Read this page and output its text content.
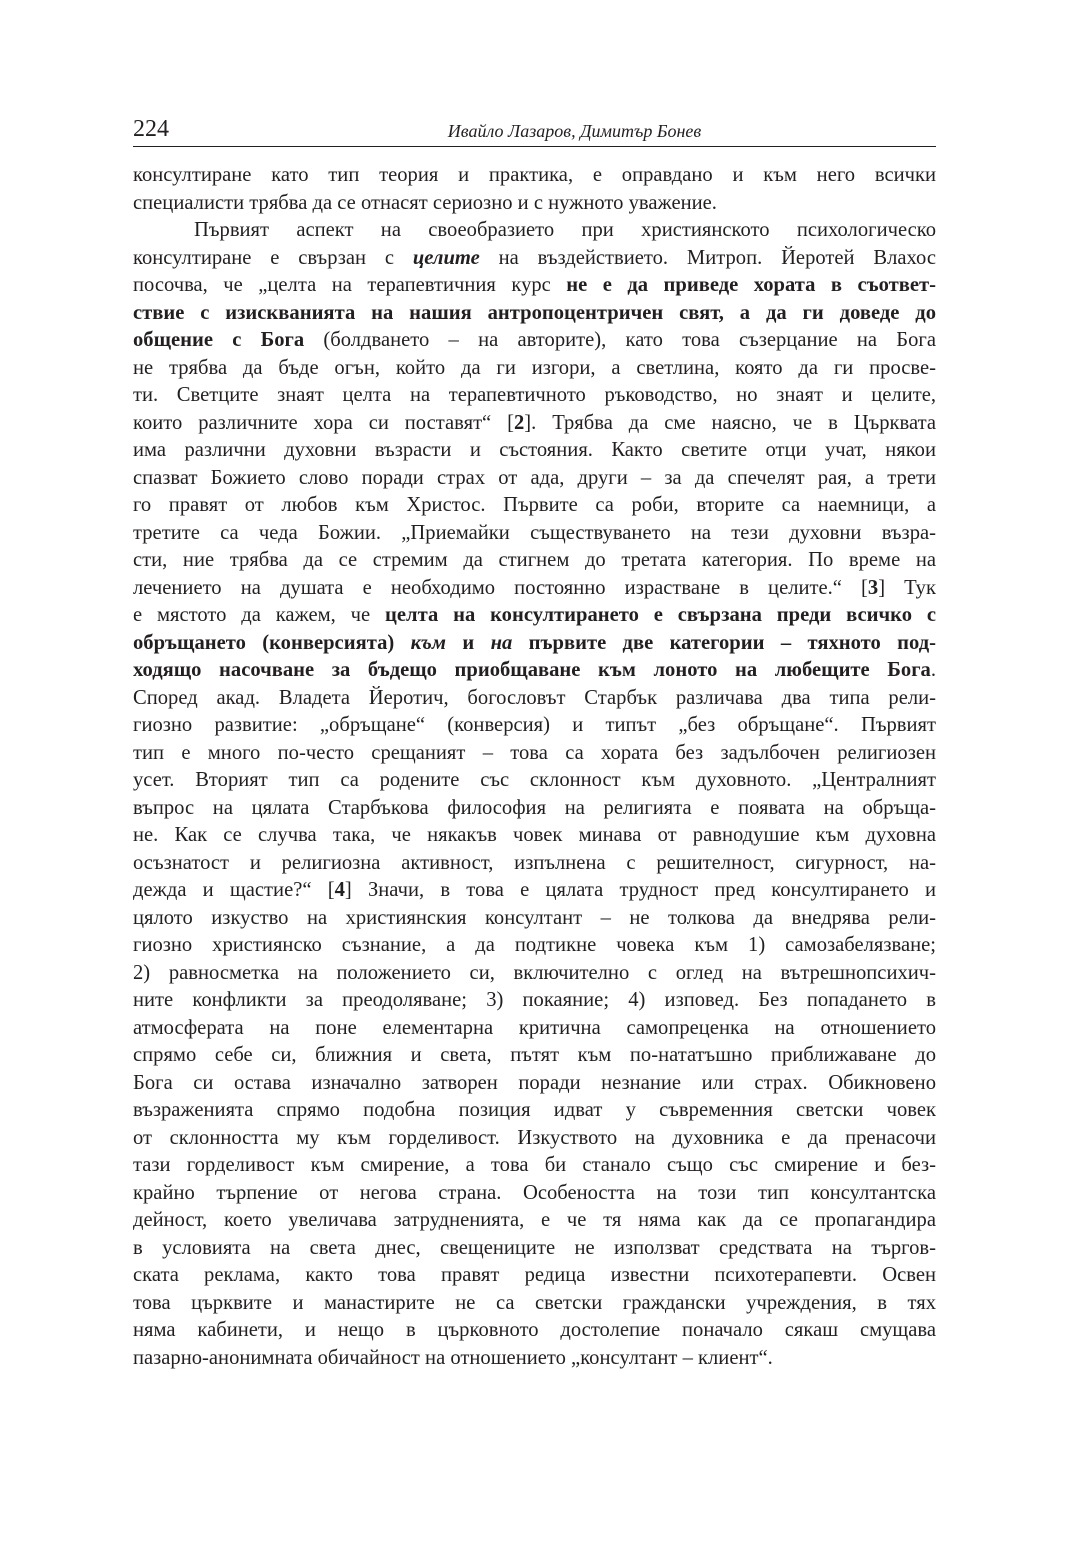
224	Ивайло Лазаров, Димитър Бонев
консултиране като тип теория и практика, е оправдано и към него всички
специалисти трябва да се отнасят сериозно и с нужното уважение.
Първият аспект на своеобразието при християнското психологическо
консултиране е свързан с целите на въздействието. Митроп. Йеротей Влахос
посочва, че „целта на терапевтичния курс не е да приведе хората в съответ-
ствие с изискванията на нашия антропоцентричен свят, а да ги доведе до
общение с Бога (болдването – на авторите), като това съзерцание на Бога
не трябва да бъде огън, който да ги изгори, а светлина, която да ги просве-
ти. Светците знаят целта на терапевтичното ръководство, но знаят и целите,
които различните хора си поставят“ [2]. Трябва да сме наясно, че в Църквата
има различни духовни възрасти и състояния. Както светите отци учат, някои
спазват Божието слово поради страх от ада, други – за да спечелят рая, а трети
го правят от любов към Христос. Първите са роби, вторите са наемници, а
третите са чеда Божии. „Приемайки съществуването на тези духовни възра-
сти, ние трябва да се стремим да стигнем до третата категория. По време на
лечението на душата е необходимо постоянно израстване в целите.“ [3] Тук
е мястото да кажем, че целта на консултирането е свързана преди всичко с
обръщането (конверсията) към и на първите две категории – тяхното под-
ходящо насочване за бъдещо приобщаване към лоното на любещите Бога.
Според акад. Владета Йеротич, богословът Старбък различава два типа рели-
гиозно развитие: „обръщане“ (конверсия) и типът „без обръщане“. Първият
тип е много по-често срещаният – това са хората без задълбочен религиозен
усет. Вторият тип са родените със склонност към духовното. „Централният
въпрос на цялата Старбъкова философия на религията е появата на обръща-
не. Как се случва така, че някакъв човек минава от равнодушие към духовна
осъзнатост и религиозна активност, изпълнена с решителност, сигурност, на-
дежда и щастие?“ [4] Значи, в това е цялата трудност пред консултирането и
цялото изкуство на християнския консултант – не толкова да внедрява рели-
гиозно християнско съзнание, а да подтикне човека към 1) самозабелязване;
2) равносметка на положението си, включително с оглед на вътрешнопсихич-
ните конфликти за преодоляване; 3) покаяние; 4) изповед. Без попадането в
атмосферата на поне елементарна критична самопреценка на отношението
спрямо себе си, ближния и света, пътят към по-нататъшно приближаване до
Бога си остава изначално затворен поради незнание или страх. Обикновено
възраженията спрямо подобна позиция идват у съвременния светски човек
от склонността му към горделивост. Изкуството на духовника е да пренасочи
тази горделивост към смирение, а това би станало също със смирение и без-
крайно търпение от негова страна. Особеността на този тип консултантска
дейност, което увеличава затрудненията, е че тя няма как да се пропагандира
в условията на света днес, свещениците не използват средствата на търгов-
ската реклама, както това правят редица известни психотерапевти. Освен
това църквите и манастирите не са светски граждански учреждения, в тях
няма кабинети, и нещо в църковното достолепие поначало сякаш смущава
пазарно-анонимната обичайност на отношението „консултант – клиент“.
